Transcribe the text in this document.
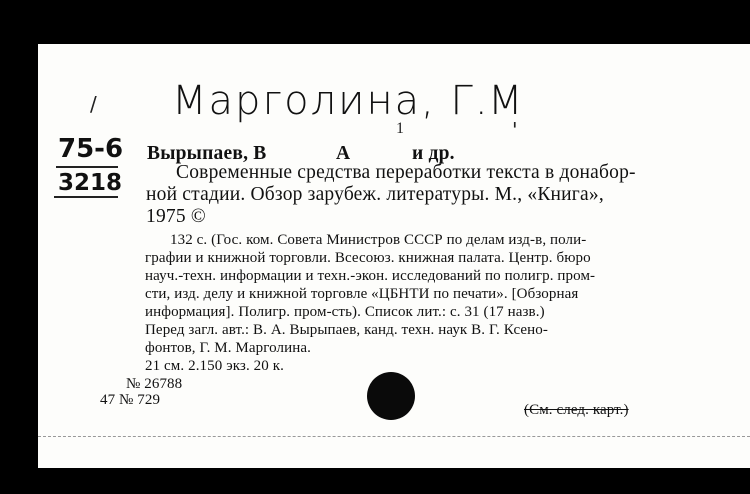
/ Марголина, Г.
М
1	'
75-6
3218
Вырыпаев, В	А	и др.
Современные средства переработки текста в донабор-
ной стадии. Обзор зарубеж. литературы. М., «Книга»,
1975 ©
132 с. (Гос. ком. Совета Министров СССР по делам изд-в, поли-
графии и книжной торговли. Всесоюз. книжная палата. Центр. бюро
науч.-техн. информации и техн.-экон. исследований по полигр. пром-
сти, изд. делу и книжной торговле «ЦБНТИ по печати». [Обзорная
информация]. Полигр. пром-сть). Список лит.: с. 31 (17 назв.)
Перед загл. авт.: В. А. Вырыпаев, канд. техн. наук В. Г. Ксено-
фонтов, Г. М. Марголина.
21 см. 2.150 экз. 20 к.
№ 26788
47 № 729
(См. след. карт.)
